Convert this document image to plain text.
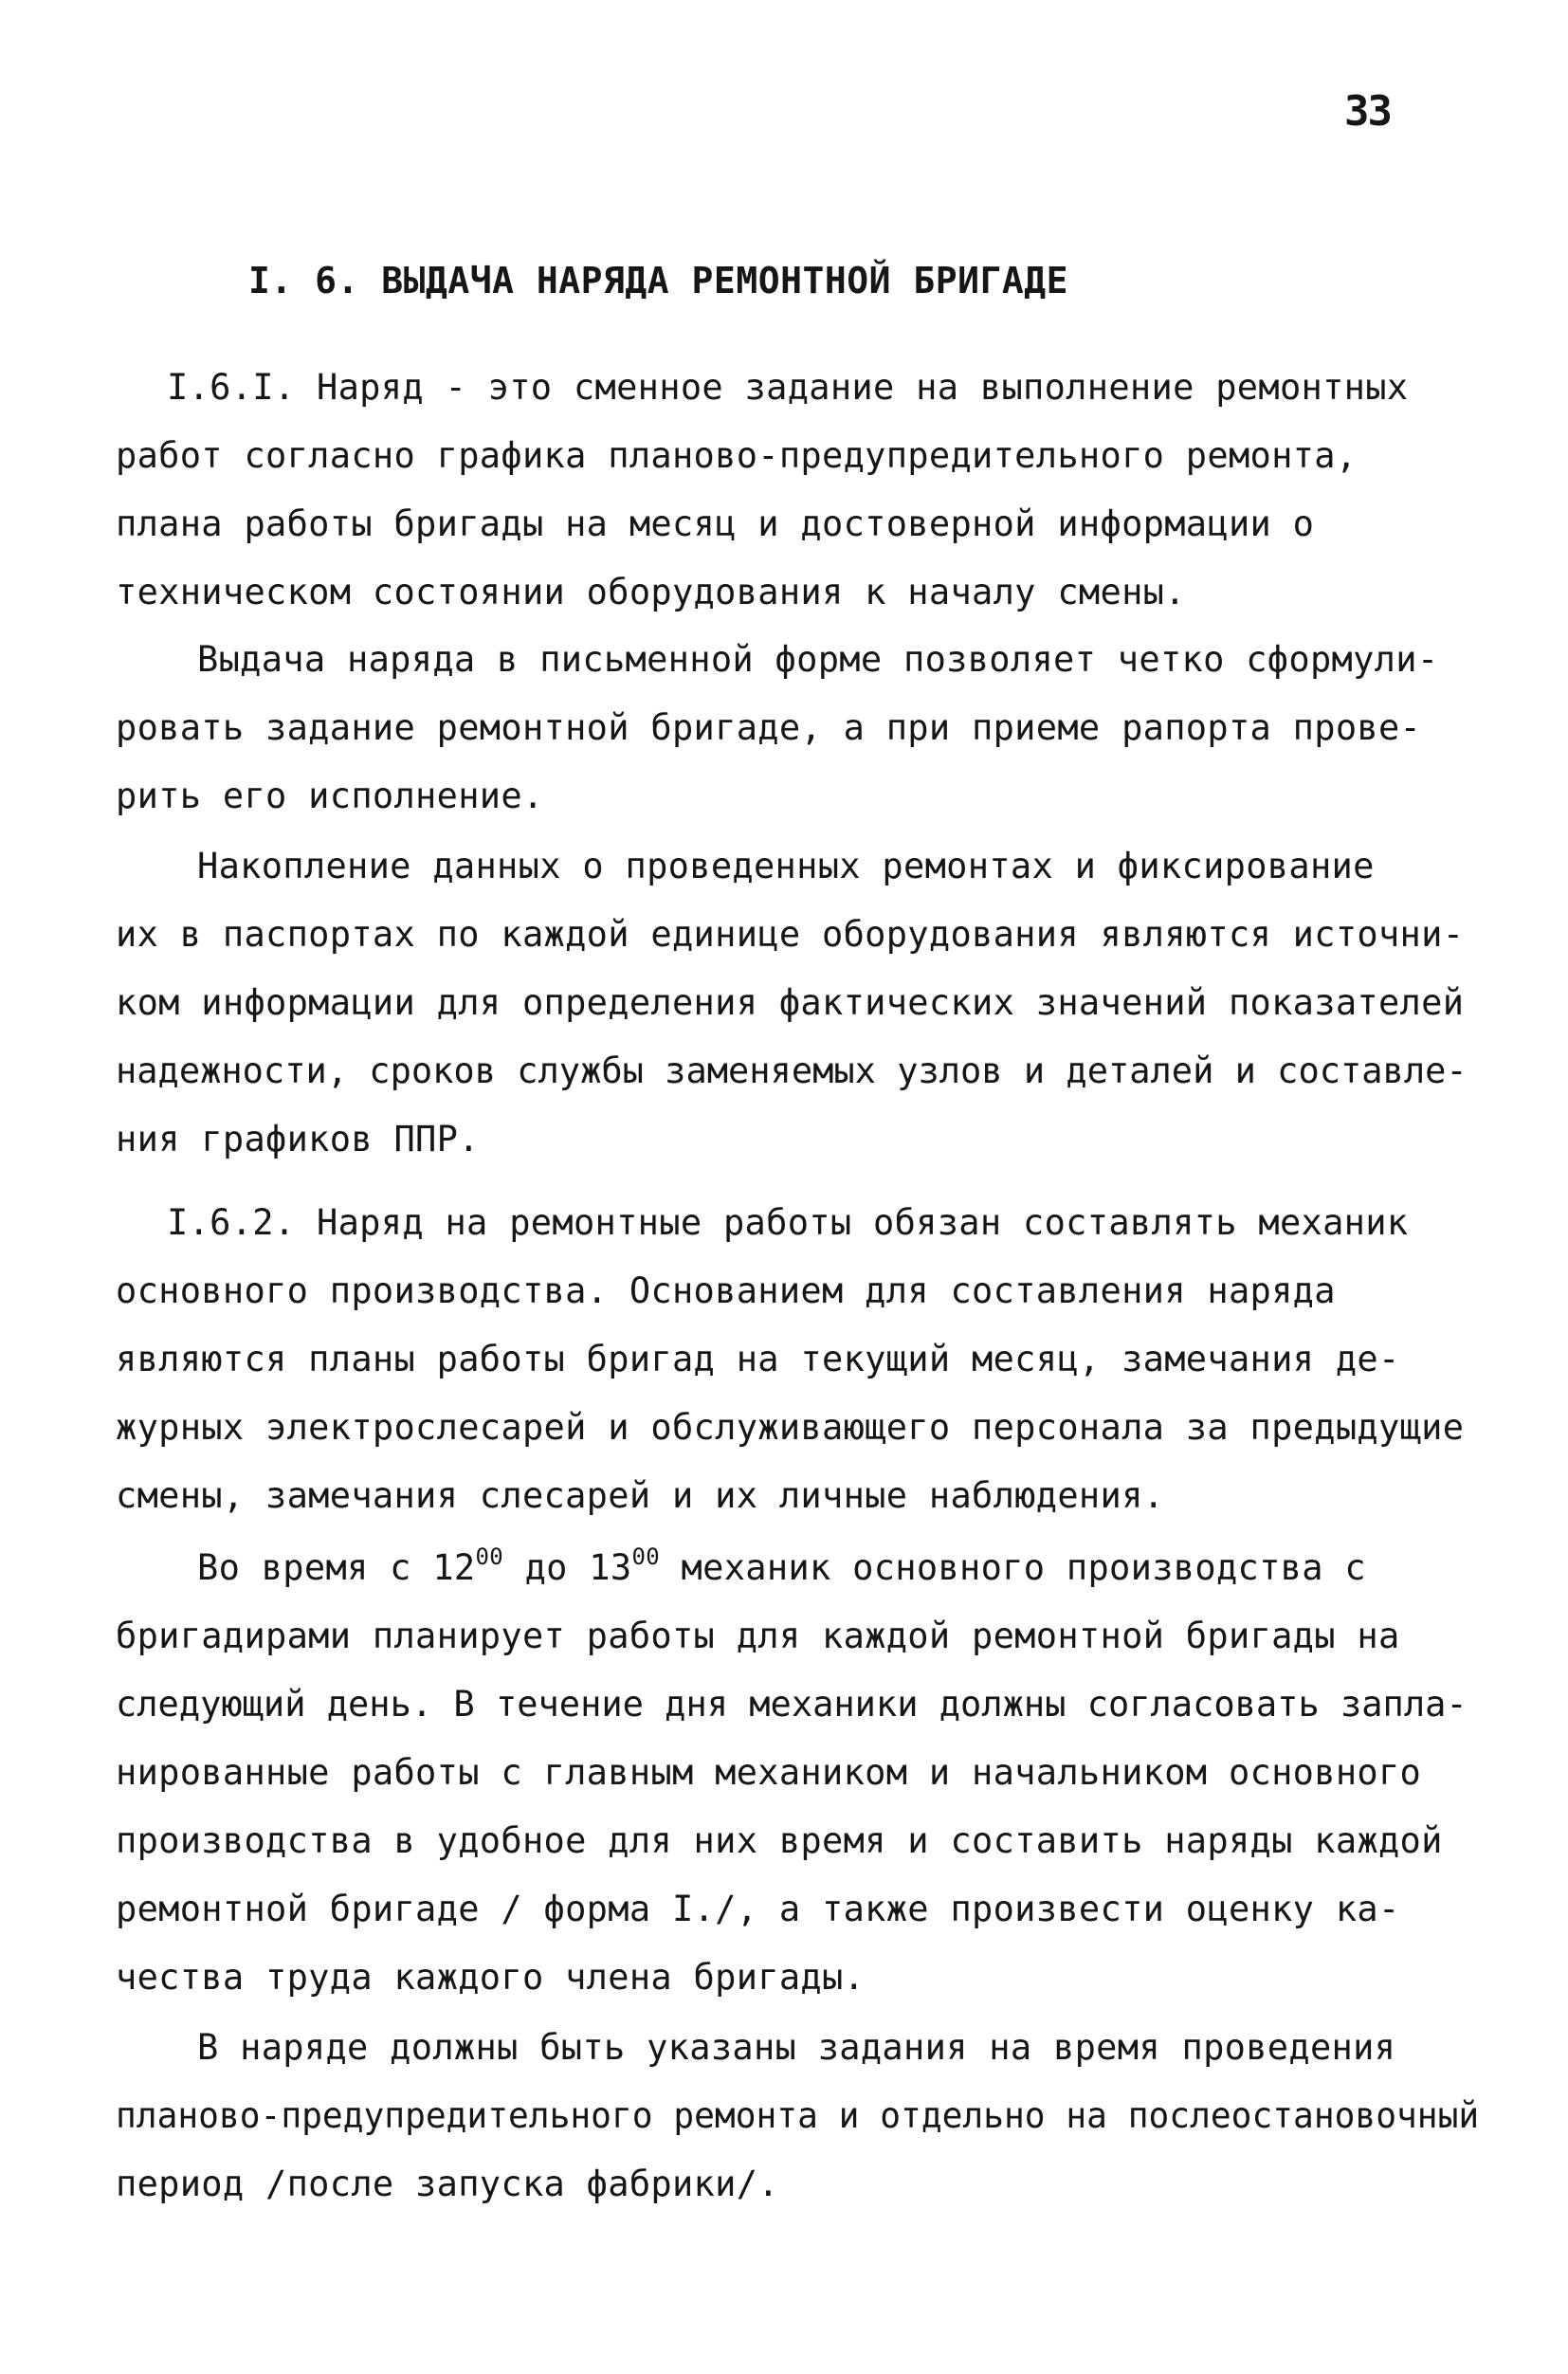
33
I. 6. ВЫДАЧА НАРЯДА РЕМОНТНОЙ БРИГАДЕ
I.6.I. Наряд - это сменное задание на выполнение ремонтных
работ согласно графика планово-предупредительного ремонта,
плана работы бригады на месяц и достоверной информации о
техническом состоянии оборудования к началу смены.
Выдача наряда в письменной форме позволяет четко сформули-
ровать задание ремонтной бригаде, а при приеме рапорта прове-
рить его исполнение.
Накопление данных о проведенных ремонтах и фиксирование
их в паспортах по каждой единице оборудования являются источни-
ком информации для определения фактических значений показателей
надежности, сроков службы заменяемых узлов и деталей и составле-
ния графиков ППР.
I.6.2. Наряд на ремонтные работы обязан составлять механик
основного производства. Основанием для составления наряда
являются планы работы бригад на текущий месяц, замечания де-
журных электрослесарей и обслуживающего персонала за предыдущие
смены, замечания слесарей и их личные наблюдения.
Во время с $12^{00}$ до $13^{00}$ механик основного производства с
бригадирами планирует работы для каждой ремонтной бригады на
следующий день. В течение дня механики должны согласовать запла-
нированные работы с главным механиком и начальником основного
производства в удобное для них время и составить наряды каждой
ремонтной бригаде / форма I./, а также произвести оценку ка-
чества труда каждого члена бригады.
В наряде должны быть указаны задания на время проведения
планово-предупредительного ремонта и отдельно на послеостановочный
период /после запуска фабрики/.
